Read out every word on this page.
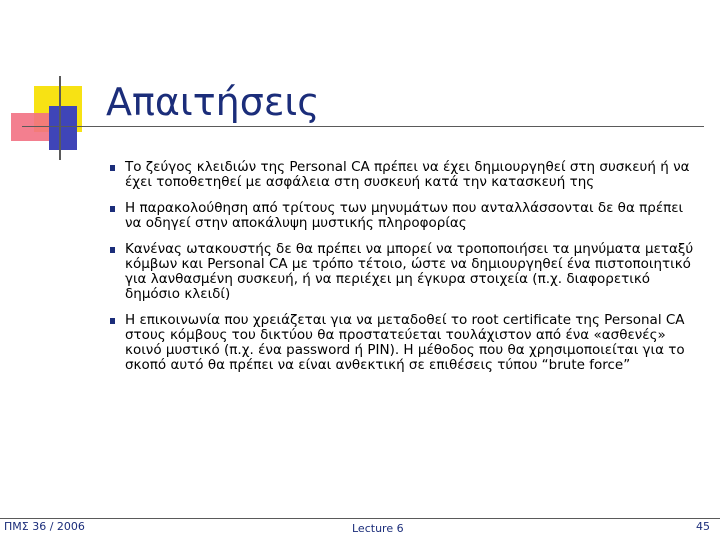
Απαιτήσεις
Το ζεύγος κλειδιών της Personal CA πρέπει να έχει δημιουργηθεί στη συσκευή ή να έχει τοποθετηθεί με ασφάλεια στη συσκευή κατά την κατασκευή της
Η παρακολούθηση από τρίτους των μηνυμάτων που ανταλλάσσονται δε θα πρέπει να οδηγεί στην αποκάλυψη μυστικής πληροφορίας
Κανένας ωτακουστής δε θα πρέπει να μπορεί να τροποποιήσει τα μηνύματα μεταξύ κόμβων και Personal CA με τρόπο τέτοιο, ώστε να δημιουργηθεί ένα πιστοποιητικό για λανθασμένη συσκευή, ή να περιέχει μη έγκυρα στοιχεία (π.χ. διαφορετικό δημόσιο κλειδί)
Η επικοινωνία που χρειάζεται για να μεταδοθεί το root certificate της Personal CA στους κόμβους του δικτύου θα προστατεύεται τουλάχιστον από ένα «ασθενές» κοινό μυστικό (π.χ. ένα password ή PIN). Η μέθοδος που θα χρησιμοποιείται για το σκοπό αυτό θα πρέπει να είναι ανθεκτική σε επιθέσεις τύπου “brute force”
ΠΜΣ 36 / 2006	Lecture 6	45
